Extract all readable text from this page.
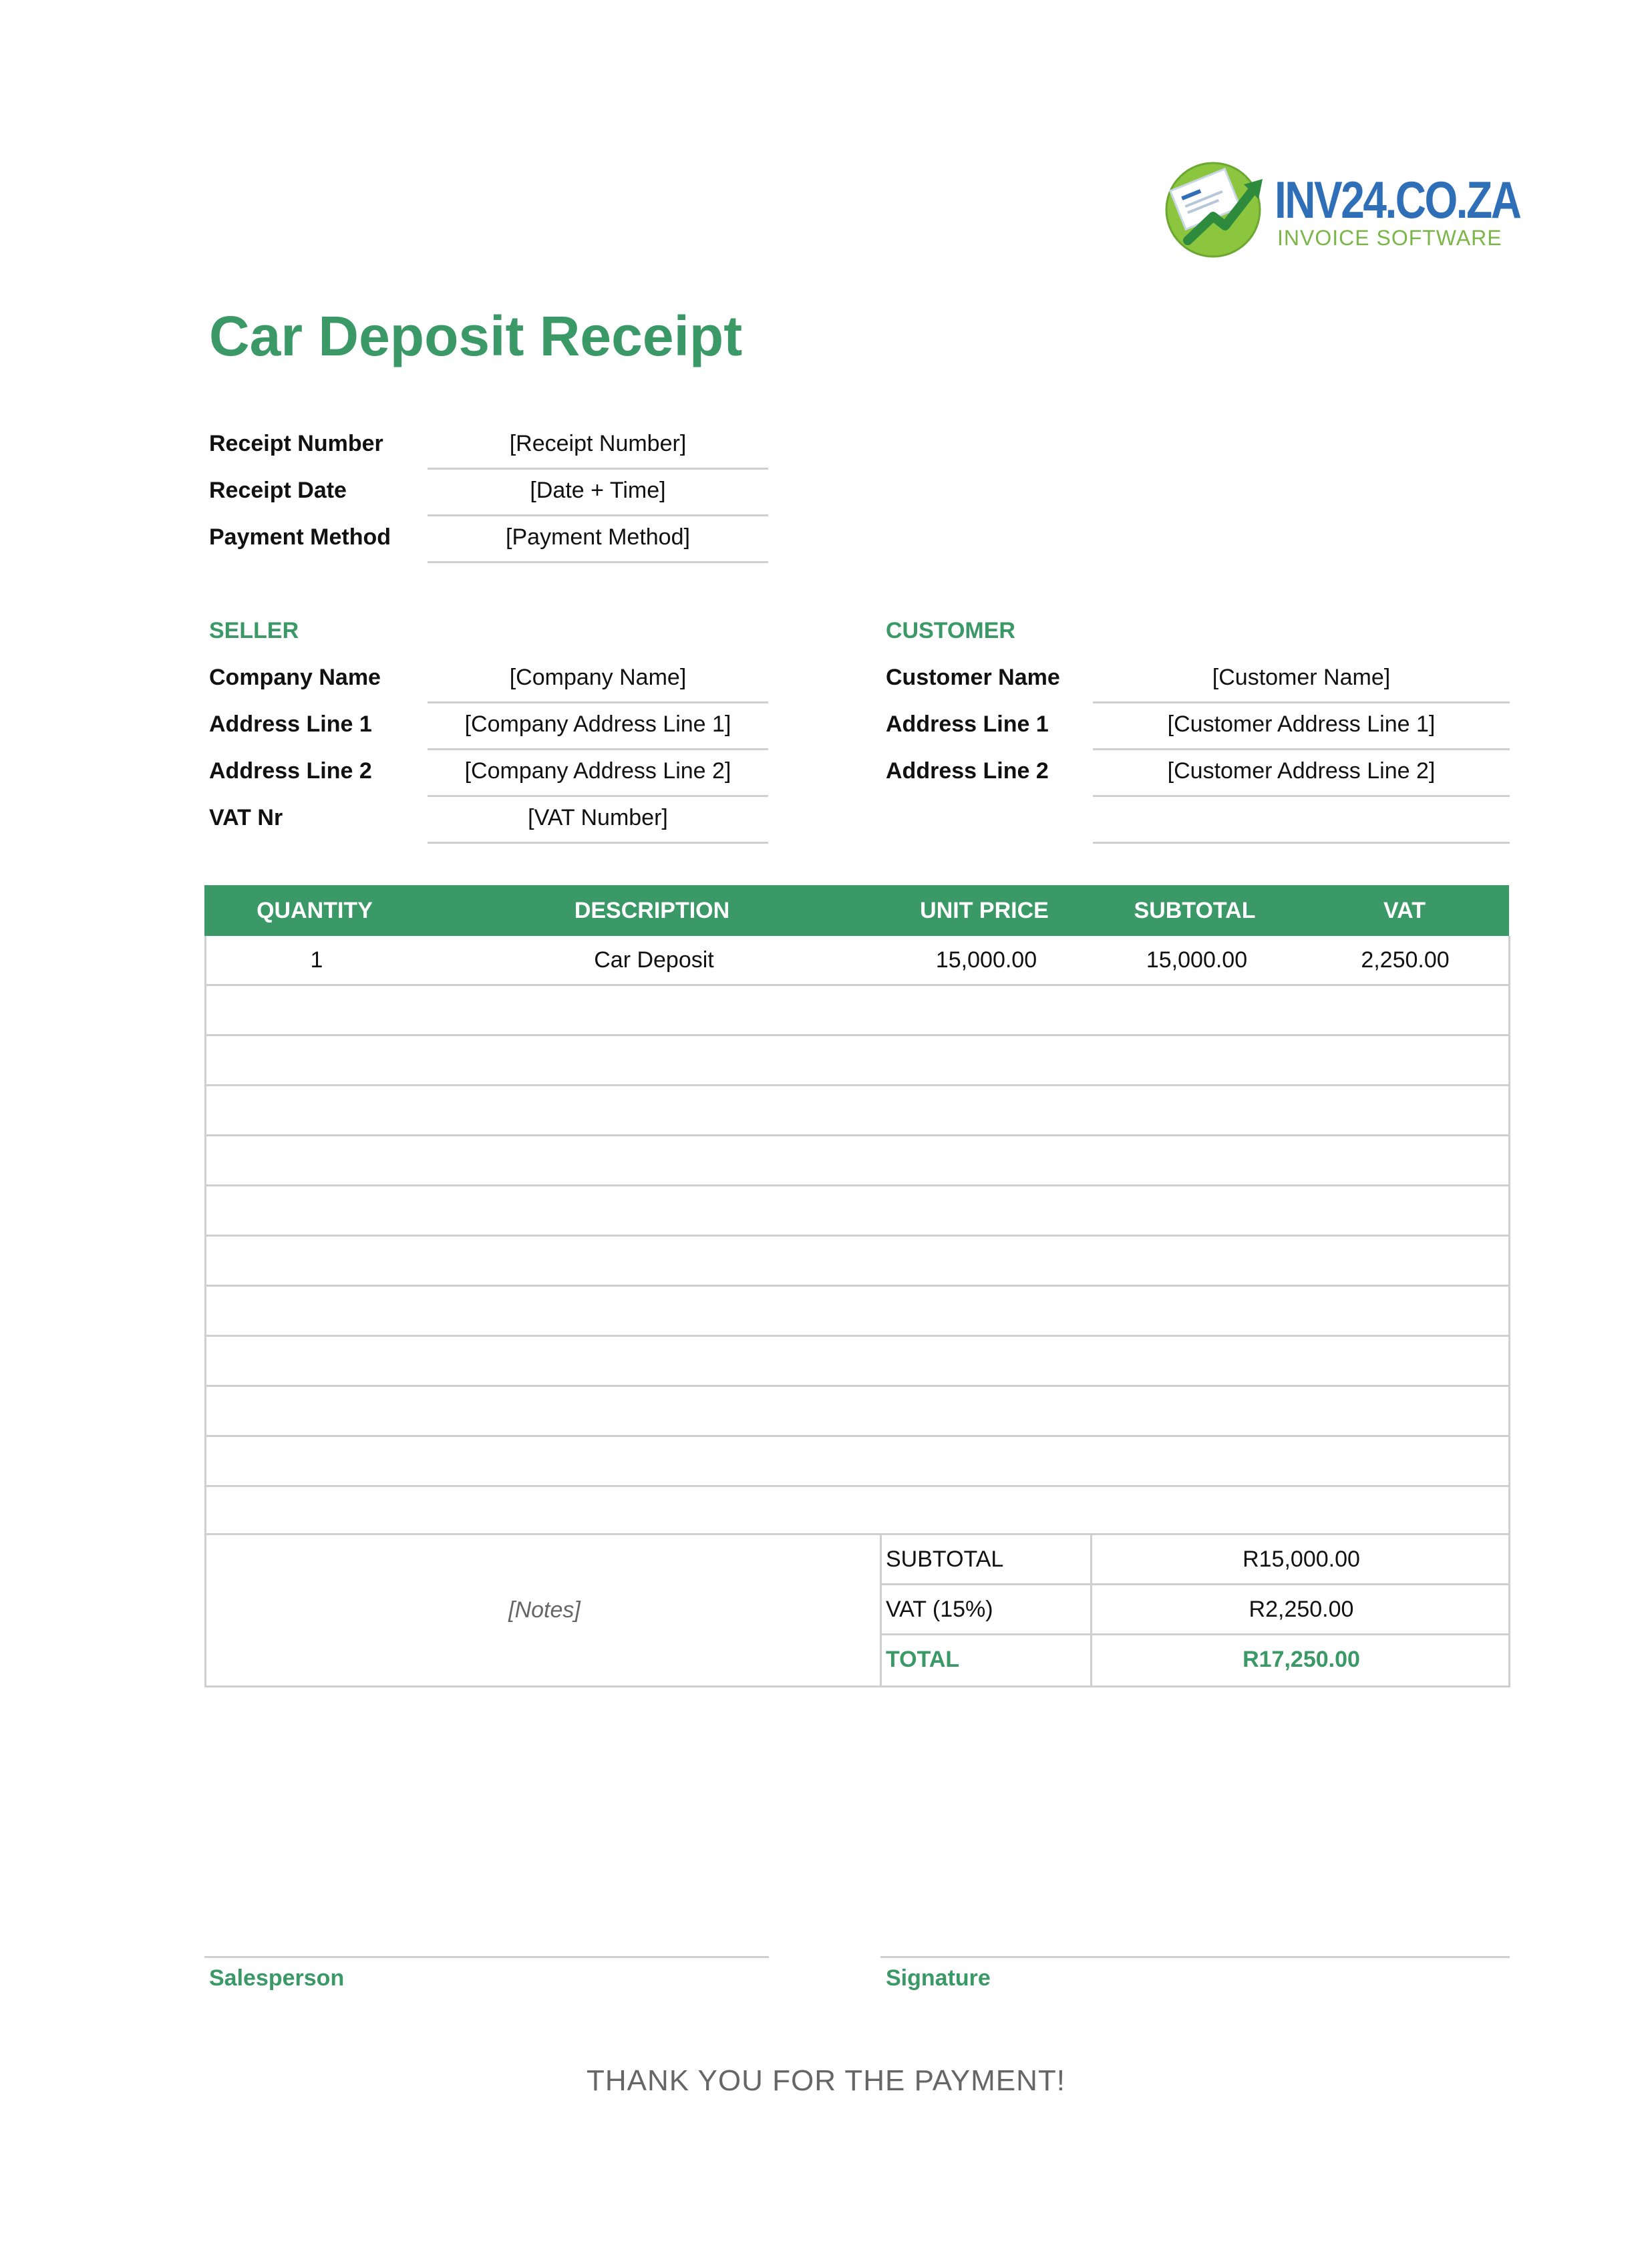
INV24.CO.ZA
INVOICE SOFTWARE
Car Deposit Receipt
Receipt Number	[Receipt Number]
Receipt Date	[Date + Time]
Payment Method	[Payment Method]
SELLER
Company Name	[Company Name]
Address Line 1	[Company Address Line 1]
Address Line 2	[Company Address Line 2]
VAT Nr	[VAT Number]
CUSTOMER
Customer Name	[Customer Name]
Address Line 1	[Customer Address Line 1]
Address Line 2	[Customer Address Line 2]
QUANTITY	DESCRIPTION	UNIT PRICE	SUBTOTAL	VAT
1	Car Deposit	15,000.00	15,000.00	2,250.00
[Notes]
SUBTOTAL	R15,000.00
VAT (15%)	R2,250.00
TOTAL	R17,250.00
Salesperson	Signature
THANK YOU FOR THE PAYMENT!
